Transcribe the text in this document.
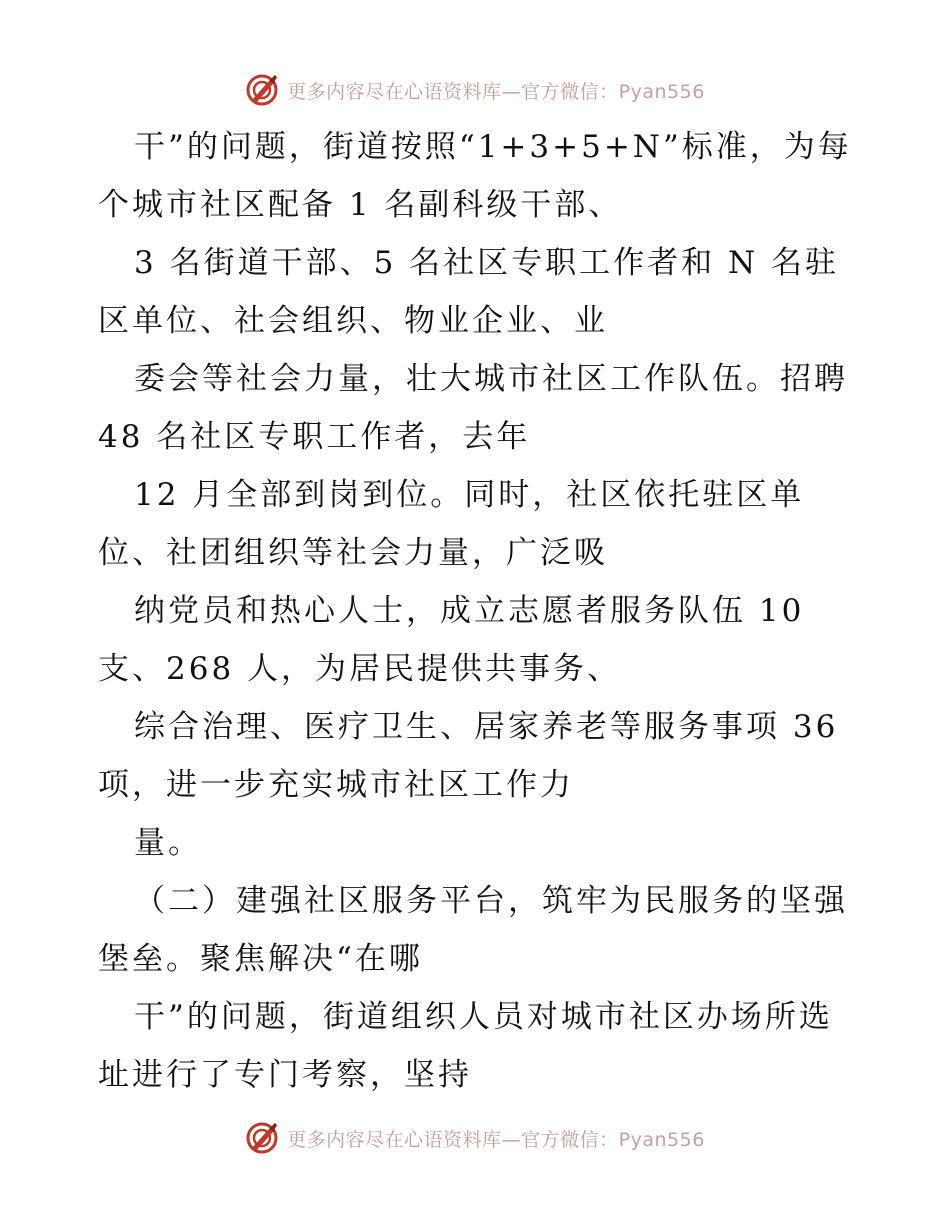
更多内容尽在心语资料库—官方微信：Pyan556
干”的问题，街道按照“1+3+5+N”标准，为每
个城市社区配备 1 名副科级干部、
3 名街道干部、5 名社区专职工作者和 N 名驻
区单位、社会组织、物业企业、业
委会等社会力量，壮大城市社区工作队伍。招聘
48 名社区专职工作者，去年
12 月全部到岗到位。同时，社区依托驻区单
位、社团组织等社会力量，广泛吸
纳党员和热心人士，成立志愿者服务队伍 10
支、268 人，为居民提供共事务、
综合治理、医疗卫生、居家养老等服务事项 36
项，进一步充实城市社区工作力
量。
（二）建强社区服务平台，筑牢为民服务的坚强
堡垒。聚焦解决“在哪
干”的问题，街道组织人员对城市社区办场所选
址进行了专门考察，坚持
更多内容尽在心语资料库—官方微信：Pyan556
